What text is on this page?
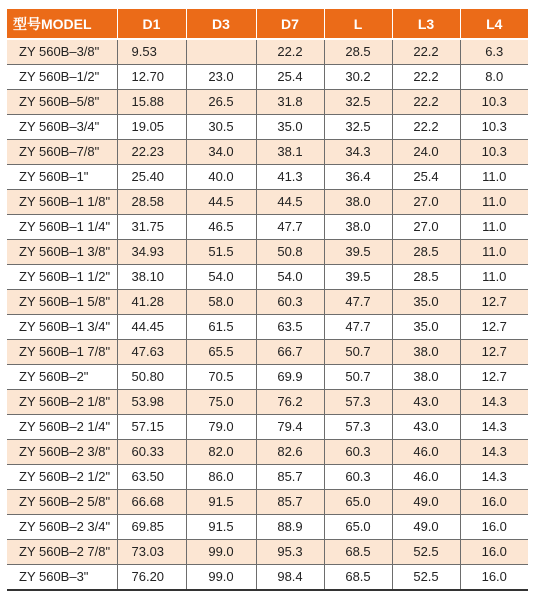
型号MODEL	D1	D3	D7	L	L3	L4
ZY 560B–3/8"	9.53		22.2	28.5	22.2	6.3
ZY 560B–1/2"	12.70	23.0	25.4	30.2	22.2	8.0
ZY 560B–5/8"	15.88	26.5	31.8	32.5	22.2	10.3
ZY 560B–3/4"	19.05	30.5	35.0	32.5	22.2	10.3
ZY 560B–7/8"	22.23	34.0	38.1	34.3	24.0	10.3
ZY 560B–1"	25.40	40.0	41.3	36.4	25.4	11.0
ZY 560B–1 1/8"	28.58	44.5	44.5	38.0	27.0	11.0
ZY 560B–1 1/4"	31.75	46.5	47.7	38.0	27.0	11.0
ZY 560B–1 3/8"	34.93	51.5	50.8	39.5	28.5	11.0
ZY 560B–1 1/2"	38.10	54.0	54.0	39.5	28.5	11.0
ZY 560B–1 5/8"	41.28	58.0	60.3	47.7	35.0	12.7
ZY 560B–1 3/4"	44.45	61.5	63.5	47.7	35.0	12.7
ZY 560B–1 7/8"	47.63	65.5	66.7	50.7	38.0	12.7
ZY 560B–2"	50.80	70.5	69.9	50.7	38.0	12.7
ZY 560B–2 1/8"	53.98	75.0	76.2	57.3	43.0	14.3
ZY 560B–2 1/4"	57.15	79.0	79.4	57.3	43.0	14.3
ZY 560B–2 3/8"	60.33	82.0	82.6	60.3	46.0	14.3
ZY 560B–2 1/2"	63.50	86.0	85.7	60.3	46.0	14.3
ZY 560B–2 5/8"	66.68	91.5	85.7	65.0	49.0	16.0
ZY 560B–2 3/4"	69.85	91.5	88.9	65.0	49.0	16.0
ZY 560B–2 7/8"	73.03	99.0	95.3	68.5	52.5	16.0
ZY 560B–3"	76.20	99.0	98.4	68.5	52.5	16.0
